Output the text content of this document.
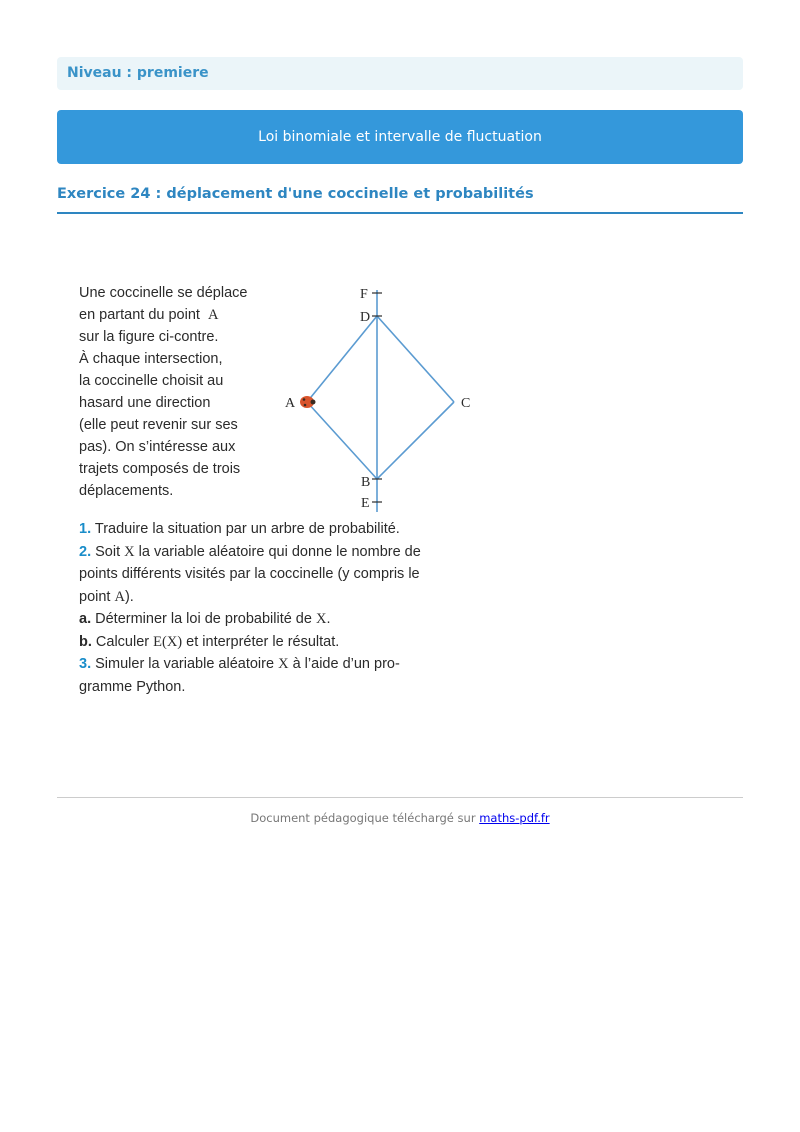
Niveau : premiere
Loi binomiale et intervalle de fluctuation
Exercice 24 : déplacement d'une coccinelle et probabilités
Une coccinelle se déplace
en partant du point A
sur la figure ci-contre.
À chaque intersection,
la coccinelle choisit au
hasard une direction
(elle peut revenir sur ses
pas). On s’intéresse aux
trajets composés de trois
déplacements.
F
D
A	C
B
E
1. Traduire la situation par un arbre de probabilité.
2. Soit X la variable aléatoire qui donne le nombre de
points différents visités par la coccinelle (y compris le
point A).
a. Déterminer la loi de probabilité de X.
b. Calculer E(X) et interpréter le résultat.
3. Simuler la variable aléatoire X à l’aide d’un pro-
gramme Python.
Document pédagogique téléchargé sur maths-pdf.fr
